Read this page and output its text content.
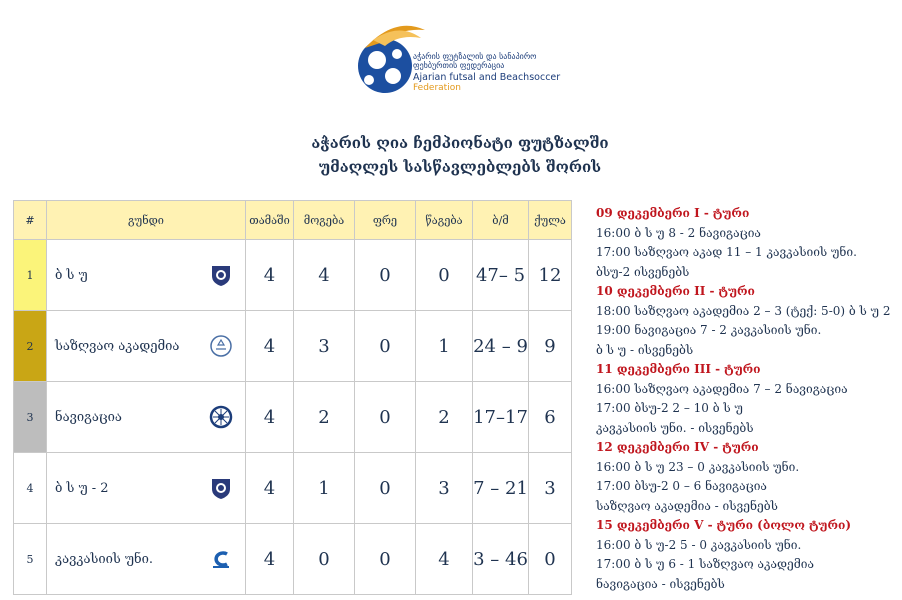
აჭარის ფუტზალის და სანაპირო ფეხბურთის ფედერაცია
Ajarian futsal and Beachsoccer
Federation
აჭარის ღია ჩემპიონატი ფუტზალში
უმაღლეს სასწავლებლებს შორის
#	გუნდი	თამაში	მოგება	ფრე	წაგება	ბ/მ	ქულა
1	ბ ს უ	4	4	0	0	47– 5	12
2	საზღვაო აკადემია	4	3	0	1	24 – 9	9
3	ნავიგაცია	4	2	0	2	17–17	6
4	ბ ს უ - 2	4	1	0	3	7 – 21	3
5	კავკასიის უნი.	4	0	0	4	3 – 46	0
09 დეკემბერი I - ტური
16:00 ბ ს უ 8 - 2 ნავიგაცია
17:00 საზღვაო აკად 11 – 1 კავკასიის უნი.
ბსუ-2 ისვენებს
10 დეკემბერი II - ტური
18:00 საზღვაო აკადემია 2 – 3 (ტექ: 5-0) ბ ს უ 2
19:00 ნავიგაცია 7 - 2 კავკასიის უნი.
ბ ს უ - ისვენებს
11 დეკემბერი III - ტური
16:00 საზღვაო აკადემია 7 – 2 ნავიგაცია
17:00 ბსუ-2 2 – 10 ბ ს უ
კავკასიის უნი. - ისვენებს
12 დეკემბერი IV - ტური
16:00 ბ ს უ 23 – 0 კავკასიის უნი.
17:00 ბსუ-2 0 – 6 ნავიგაცია
საზღვაო აკადემია - ისვენებს
15 დეკემბერი V - ტური (ბოლო ტური)
16:00 ბ ს უ-2 5 - 0 კავკასიის უნი.
17:00 ბ ს უ 6 - 1 საზღვაო აკადემია
ნავიგაცია - ისვენებს
